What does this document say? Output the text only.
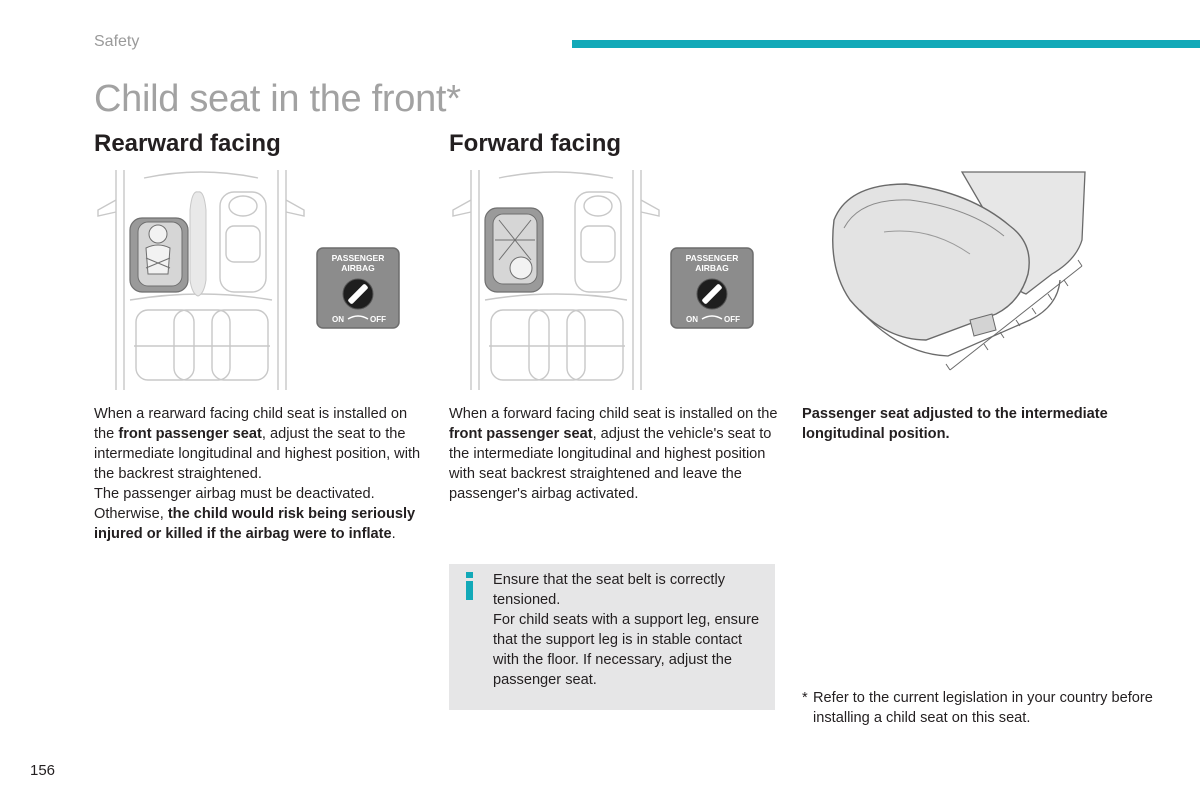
Safety
Child seat in the front*
Rearward facing	Forward facing
PASSENGER
AIRBAG
ON	OFF
PASSENGER
AIRBAG
ON	OFF
When a rearward facing child seat is installed on the front passenger seat, adjust the seat to the intermediate longitudinal and highest position, with the backrest straightened.
The passenger airbag must be deactivated.
Otherwise, the child would risk being seriously injured or killed if the airbag were to inflate.
When a forward facing child seat is installed on the front passenger seat, adjust the vehicle's seat to the intermediate longitudinal and highest position with seat backrest straightened and leave the passenger's airbag activated.
Passenger seat adjusted to the intermediate longitudinal position.
Ensure that the seat belt is correctly tensioned.
For child seats with a support leg, ensure that the support leg is in stable contact with the floor. If necessary, adjust the passenger seat.
* Refer to the current legislation in your country before installing a child seat on this seat.
156
